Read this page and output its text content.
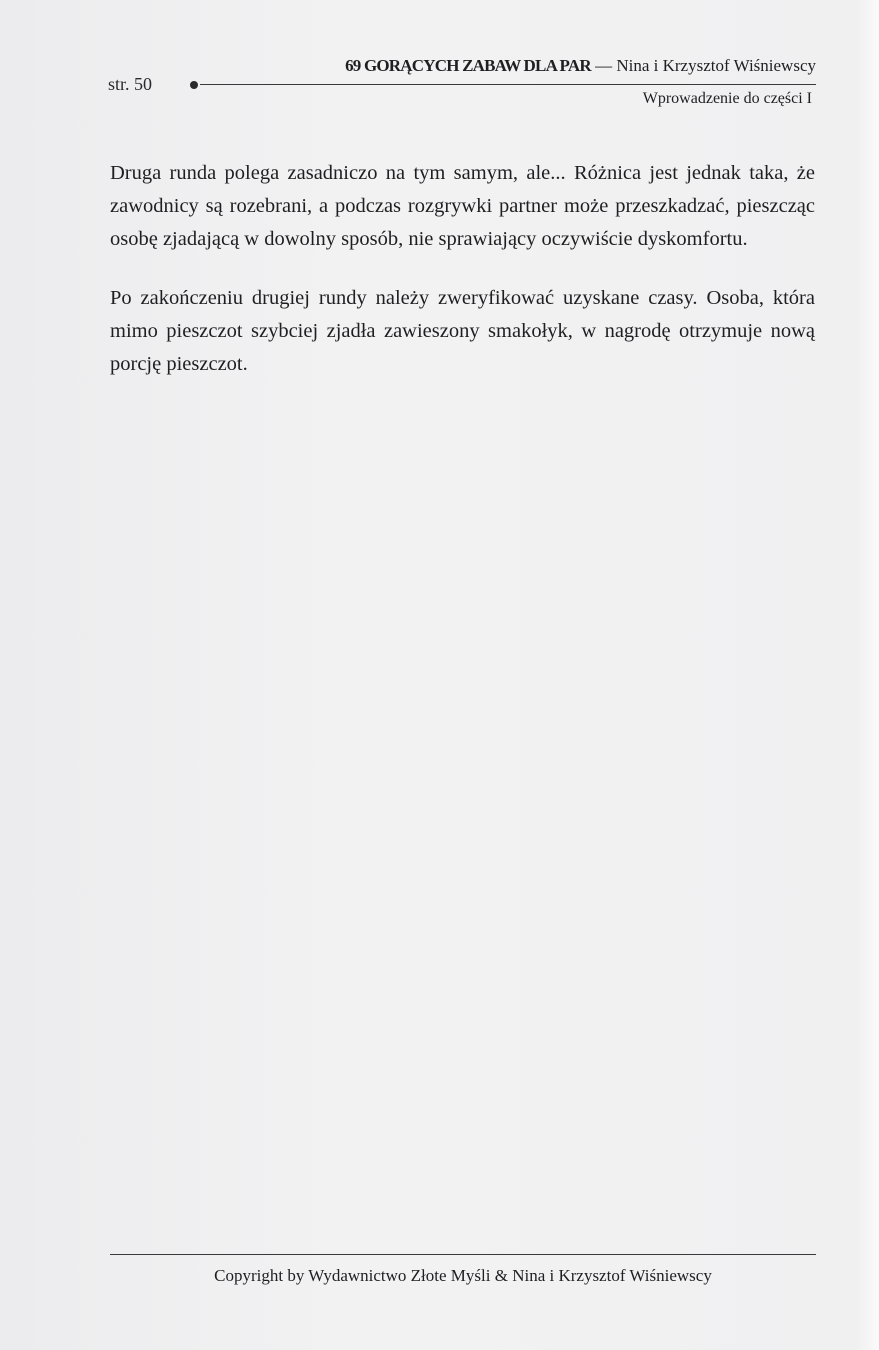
str. 50
69 GORĄCYCH ZABAW DLA PAR — Nina i Krzysztof Wiśniewscy
Wprowadzenie do części I

Druga runda polega zasadniczo na tym samym, ale... Różnica jest jednak taka, że zawodnicy są rozebrani, a podczas rozgrywki partner może przeszkadzać, pieszcząc osobę zjadającą w dowolny sposób, nie sprawiający oczywiście dyskomfortu.

Po zakończeniu drugiej rundy należy zweryfikować uzyskane czasy. Osoba, która mimo pieszczot szybciej zjadła zawieszony smakołyk, w nagrodę otrzymuje nową porcję pieszczot.

Copyright by Wydawnictwo Złote Myśli & Nina i Krzysztof Wiśniewscy
